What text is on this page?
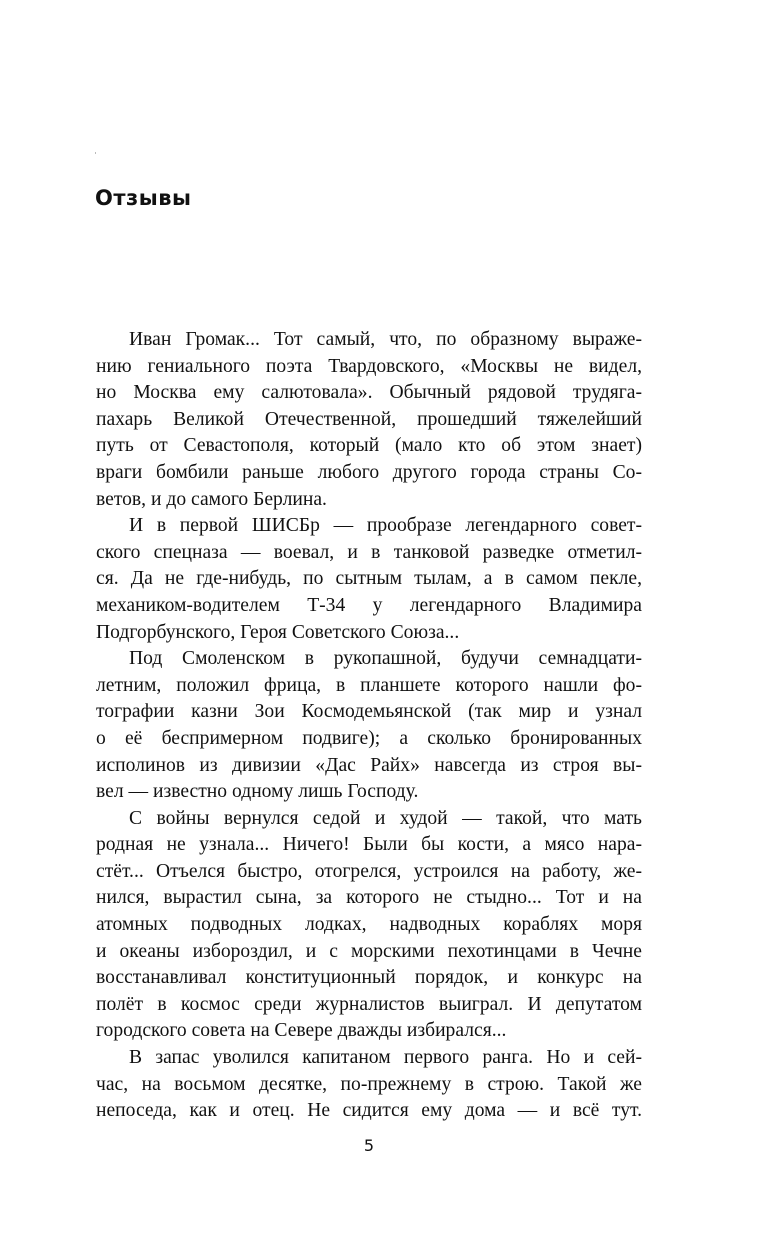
Отзывы
Иван Громак... Тот самый, что, по образному выраже-
нию гениального поэта Твардовского, «Москвы не видел,
но Москва ему салютовала». Обычный рядовой трудяга-
пахарь Великой Отечественной, прошедший тяжелейший
путь от Севастополя, который (мало кто об этом знает)
враги бомбили раньше любого другого города страны Со-
ветов, и до самого Берлина.
И в первой ШИСБр — прообразе легендарного совет-
ского спецназа — воевал, и в танковой разведке отметил-
ся. Да не где-нибудь, по сытным тылам, а в самом пекле,
механиком-водителем Т-34 у легендарного Владимира
Подгорбунского, Героя Советского Союза...
Под Смоленском в рукопашной, будучи семнадцати-
летним, положил фрица, в планшете которого нашли фо-
тографии казни Зои Космодемьянской (так мир и узнал
о её беспримерном подвиге); а сколько бронированных
исполинов из дивизии «Дас Райх» навсегда из строя вы-
вел — известно одному лишь Господу.
С войны вернулся седой и худой — такой, что мать
родная не узнала... Ничего! Были бы кости, а мясо нара-
стёт... Отъелся быстро, отогрелся, устроился на работу, же-
нился, вырастил сына, за которого не стыдно... Тот и на
атомных подводных лодках, надводных кораблях моря
и океаны избороздил, и с морскими пехотинцами в Чечне
восстанавливал конституционный порядок, и конкурс на
полёт в космос среди журналистов выиграл. И депутатом
городского совета на Севере дважды избирался...
В запас уволился капитаном первого ранга. Но и сей-
час, на восьмом десятке, по-прежнему в строю. Такой же
непоседа, как и отец. Не сидится ему дома — и всё тут.
5
